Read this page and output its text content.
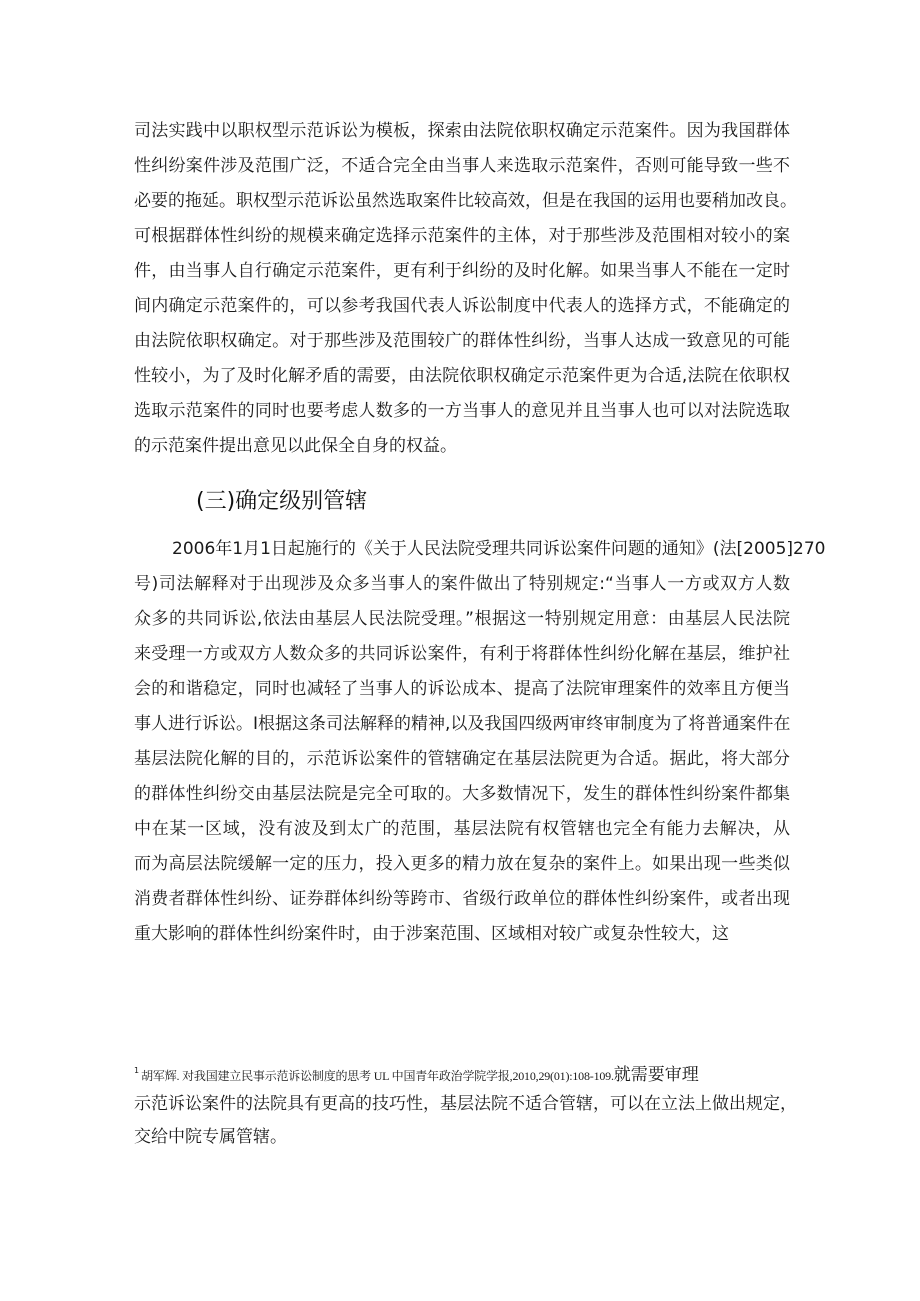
司法实践中以职权型示范诉讼为模板，探索由法院依职权确定示范案件。因为我国群体
性纠纷案件涉及范围广泛，不适合完全由当事人来选取示范案件，否则可能导致一些不
必要的拖延。职权型示范诉讼虽然选取案件比较高效，但是在我国的运用也要稍加改良。
可根据群体性纠纷的规模来确定选择示范案件的主体，对于那些涉及范围相对较小的案
件，由当事人自行确定示范案件，更有利于纠纷的及时化解。如果当事人不能在一定时
间内确定示范案件的，可以参考我国代表人诉讼制度中代表人的选择方式，不能确定的
由法院依职权确定。对于那些涉及范围较广的群体性纠纷，当事人达成一致意见的可能
性较小，为了及时化解矛盾的需要，由法院依职权确定示范案件更为合适,法院在依职权
选取示范案件的同时也要考虑人数多的一方当事人的意见并且当事人也可以对法院选取
的示范案件提出意见以此保全自身的权益。
(三)确定级别管辖
2006年1月1日起施行的《关于人民法院受理共同诉讼案件问题的通知》(法[2005]270
号)司法解释对于出现涉及众多当事人的案件做出了特别规定:“当事人一方或双方人数
众多的共同诉讼,依法由基层人民法院受理。”根据这一特别规定用意：由基层人民法院
来受理一方或双方人数众多的共同诉讼案件，有利于将群体性纠纷化解在基层，维护社
会的和谐稳定，同时也减轻了当事人的诉讼成本、提高了法院审理案件的效率且方便当
事人进行诉讼。I根据这条司法解释的精神,以及我国四级两审终审制度为了将普通案件在
基层法院化解的目的，示范诉讼案件的管辖确定在基层法院更为合适。据此，将大部分
的群体性纠纷交由基层法院是完全可取的。大多数情况下，发生的群体性纠纷案件都集
中在某一区域，没有波及到太广的范围，基层法院有权管辖也完全有能力去解决，从
而为高层法院缓解一定的压力，投入更多的精力放在复杂的案件上。如果出现一些类似
消费者群体性纠纷、证券群体纠纷等跨市、省级行政单位的群体性纠纷案件，或者出现
重大影响的群体性纠纷案件时，由于涉案范围、区域相对较广或复杂性较大，这
$^1$ 胡军辉. 对我国建立民事示范诉讼制度的思考 UL 中国青年政治学院学报,2010,29(01):108-109.就需要审理
示范诉讼案件的法院具有更高的技巧性，基层法院不适合管辖，可以在立法上做出规定，
交给中院专属管辖。
